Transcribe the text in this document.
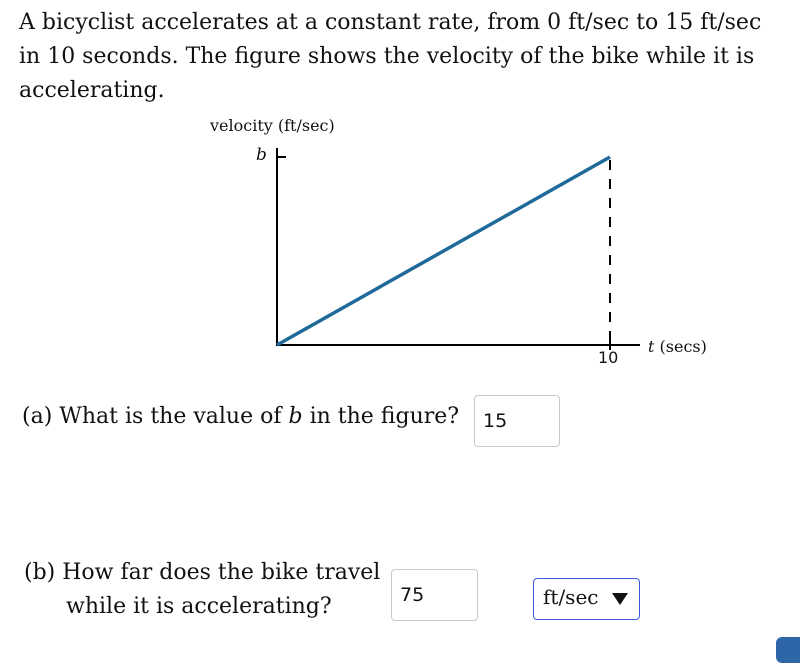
A bicyclist accelerates at a constant rate, from 0 ft/sec to 15 ft/sec in 10 seconds. The figure shows the velocity of the bike while it is accelerating.
velocity (ft/sec)
b
10
t (secs)
(a) What is the value of b in the figure?	15
(b) How far does the bike travel
while it is accelerating?	75	ft/sec
